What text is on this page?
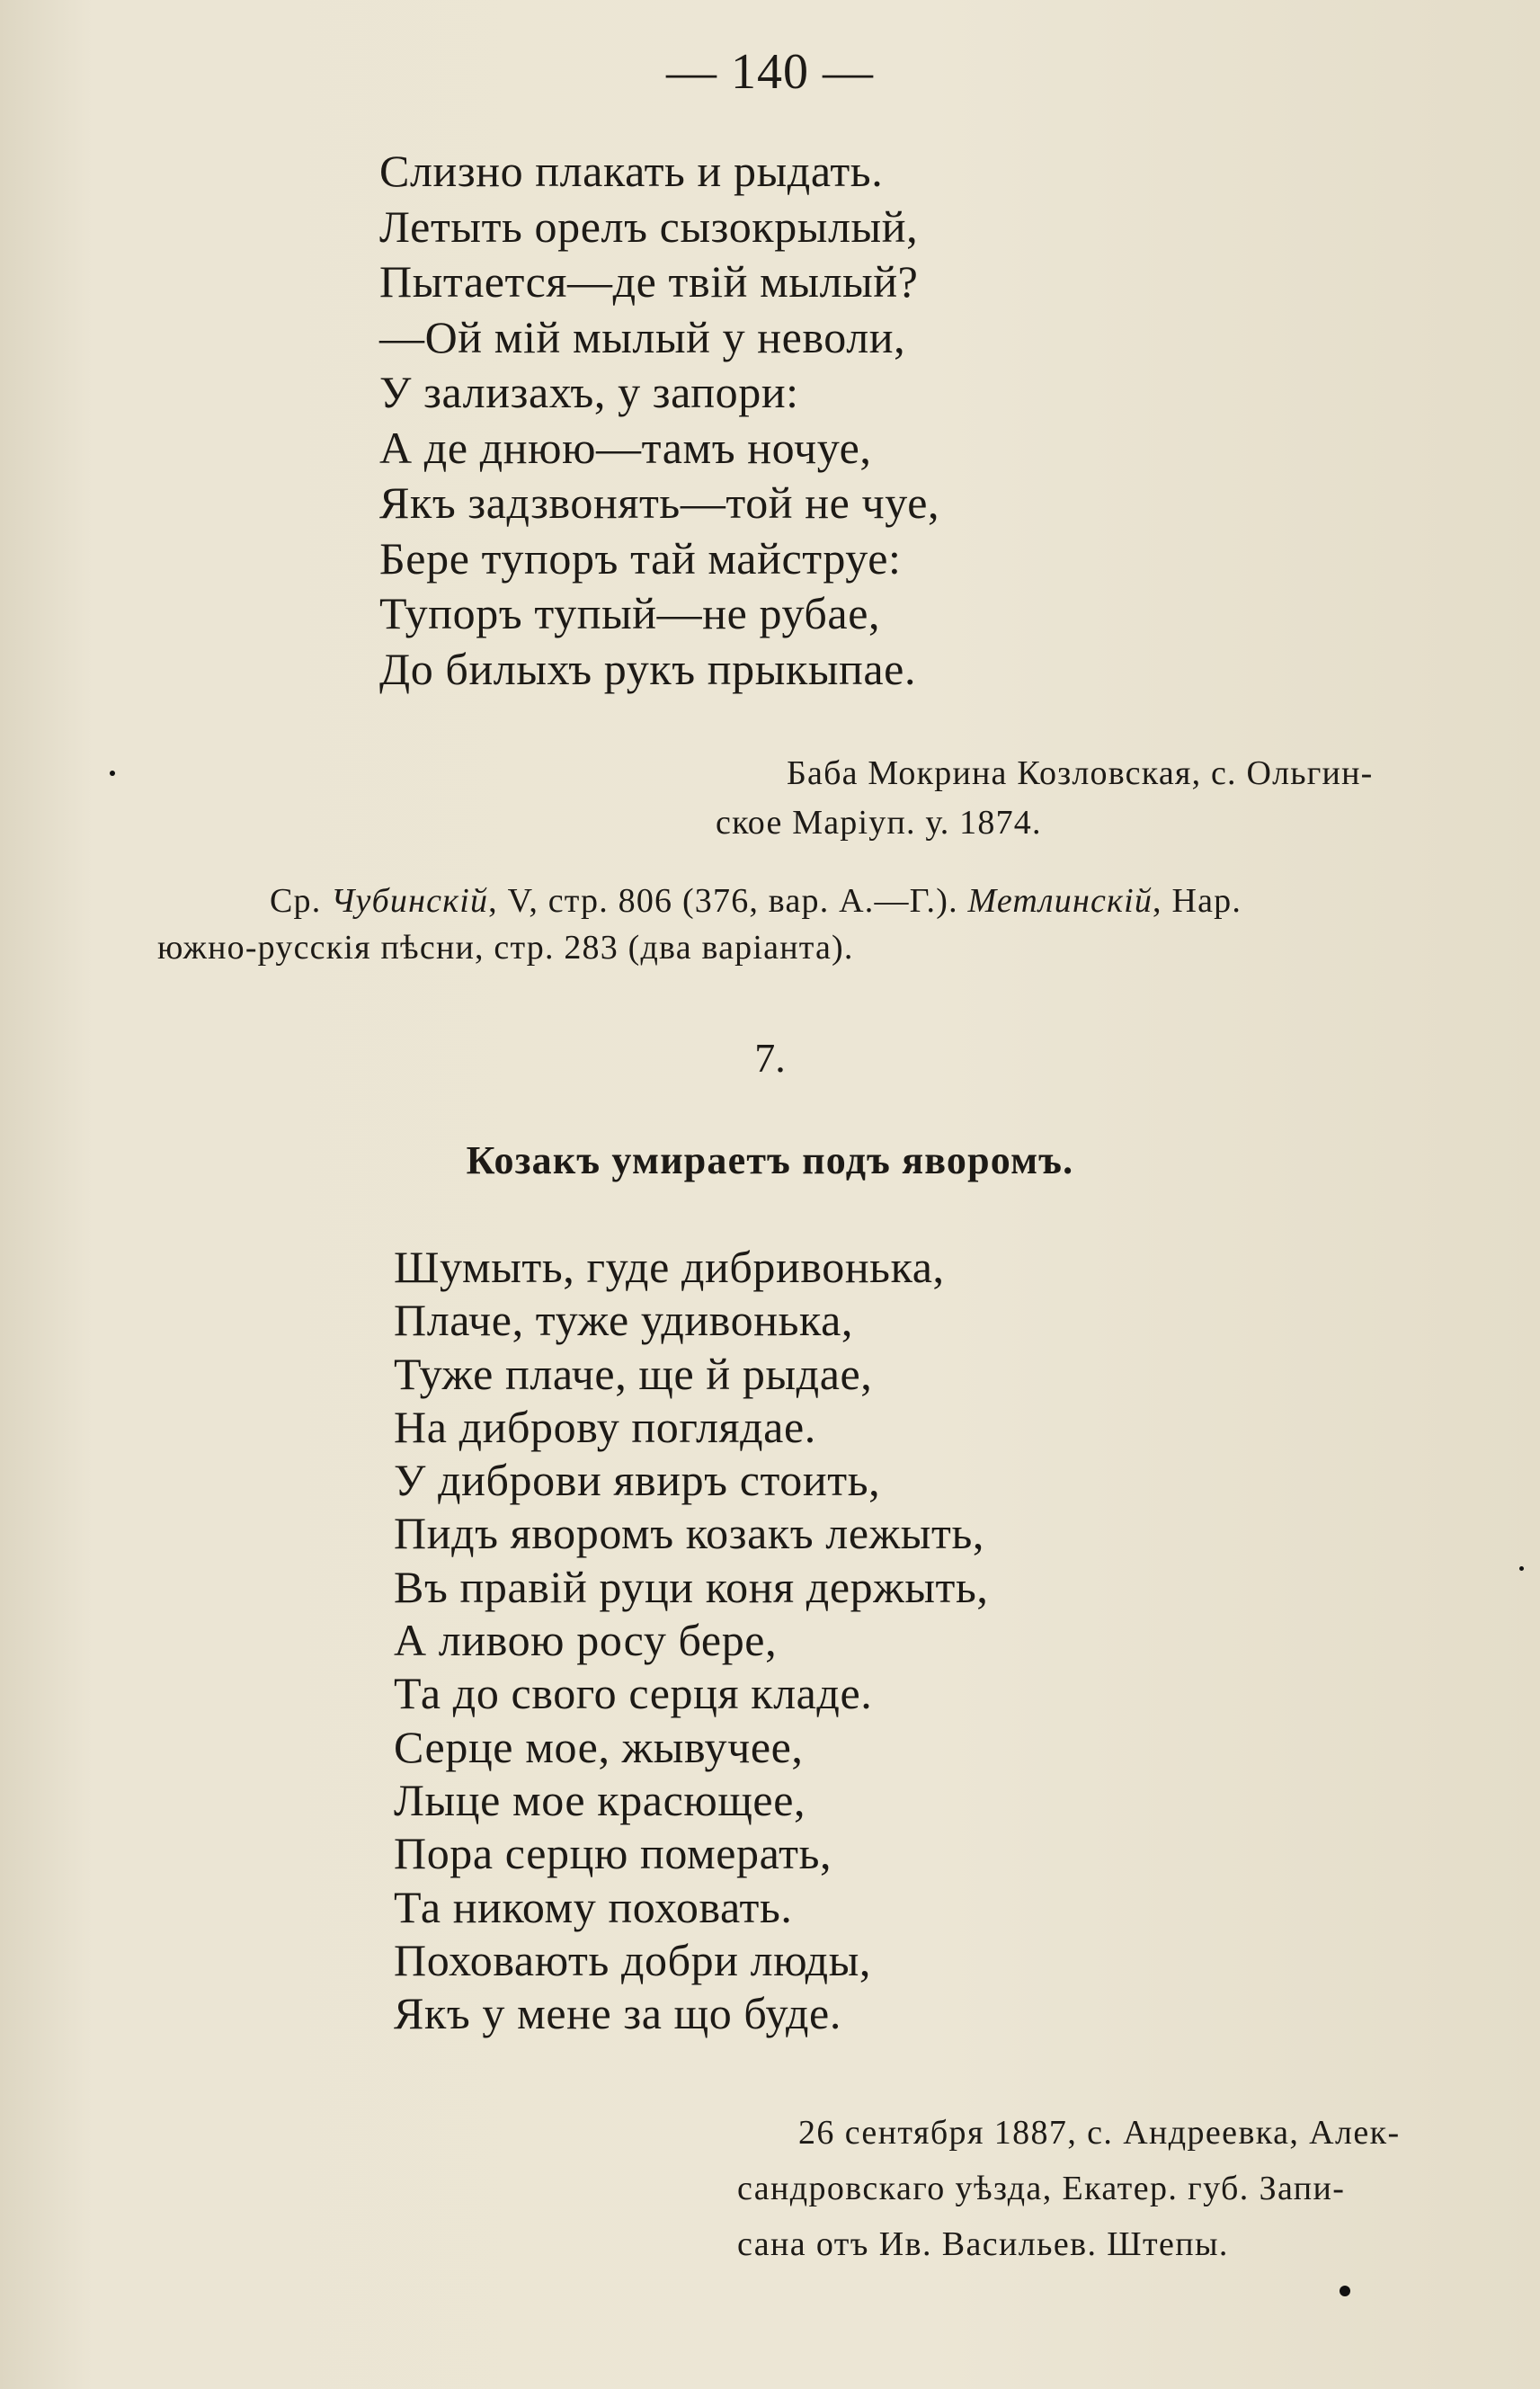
— 140 —
Слизно плакать и рыдать.
Летыть орелъ сызокрылый,
Пытается—де твій мылый?
—Ой мій мылый у неволи,
У зализахъ, у запори:
А де днюю—тамъ ночуе,
Якъ задзвонять—той не чуе,
Бере тупоръ тай майструе:
Тупоръ тупый—не рубае,
До билыхъ рукъ прыкыпае.
Баба Мокрина Козловская, с. Ольгин-
ское Маріуп. у. 1874.
Ср. Чубинскій, V, стр. 806 (376, вар. А.—Г.). Метлинскій, Нар.
южно-русскія пѣсни, стр. 283 (два варіанта).
7.
Козакъ умираетъ подъ яворомъ.
Шумыть, гуде дибривонька,
Плаче, туже удивонька,
Туже плаче, ще й рыдае,
На диброву поглядае.
У диброви явиръ стоить,
Пидъ яворомъ козакъ лежыть,
Въ правій руци коня держыть,
А ливою росу бере,
Та до свого серця кладе.
Серце мое, жывучее,
Лыце мое красющее,
Пора серцю померать,
Та никому поховать.
Поховають добри люды,
Якъ у мене за що буде.
26 сентября 1887, с. Андреевка, Алек-
сандровскаго уѣзда, Екатер. губ. Запи-
сана отъ Ив. Васильев. Штепы.
